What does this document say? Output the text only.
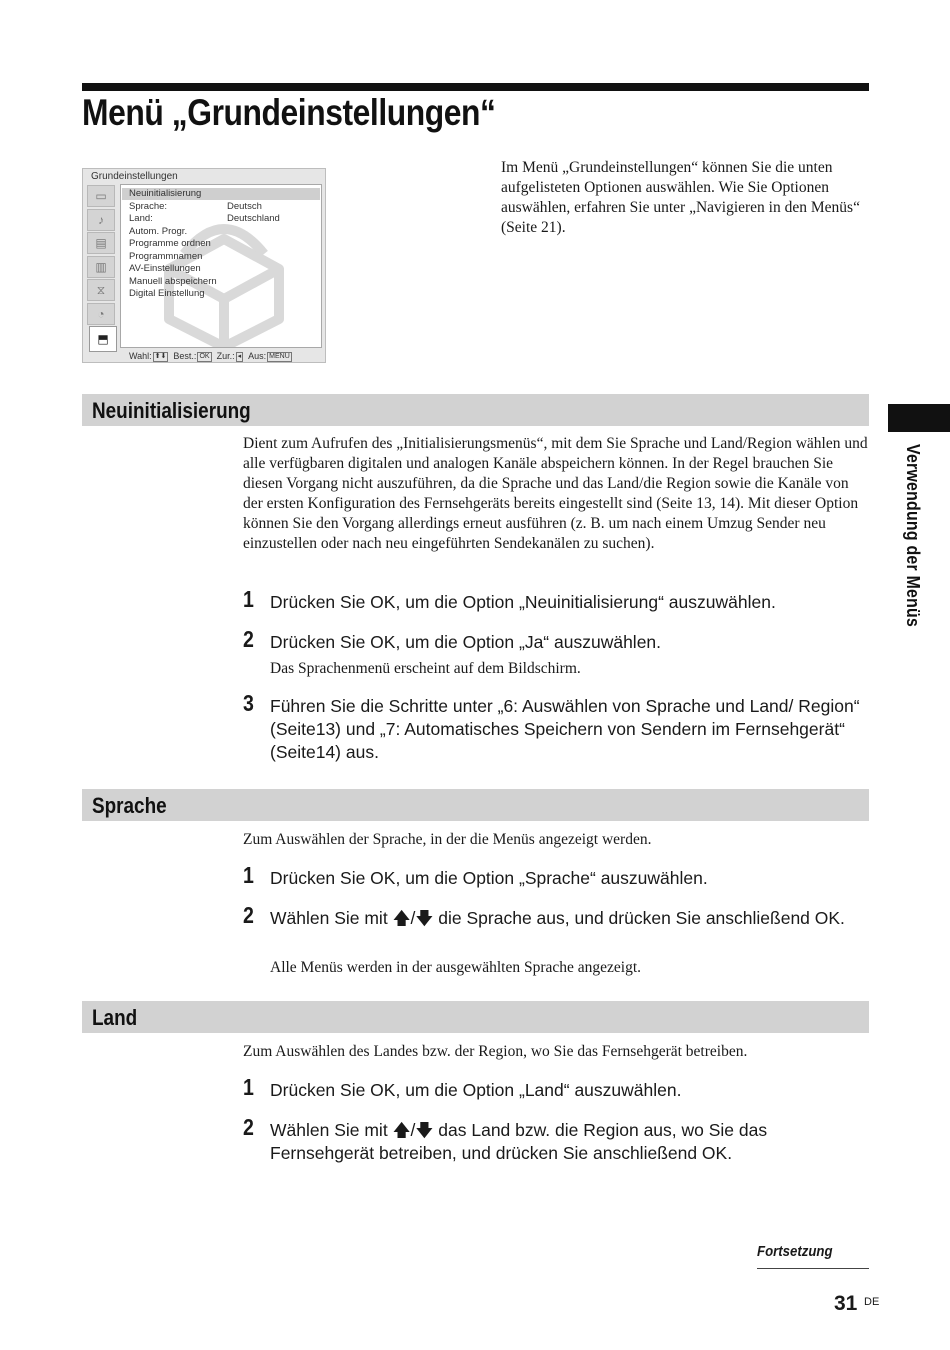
Menü „Grundeinstellungen“
Grundeinstellungen
▭
♪
▤
▥
⧖
◔
⬒
Neuinitialisierung
Sprache:	Deutsch
Land:	Deutschland
Autom. Progr.
Programme ordnen
Programmnamen
AV-Einstellungen
Manuell abspeichern
Digital Einstellung
Wahl: ⬆⬇ Best.: OK Zur.: ◂ Aus: MENU

Im Menü „Grundeinstellungen“ können Sie die unten aufgelisteten Optionen auswählen. Wie Sie Optionen auswählen, erfahren Sie unter „Navigieren in den Menüs“ (Seite 21).

Verwendung der Menüs
Neuinitialisierung

Dient zum Aufrufen des „Initialisierungsmenüs“, mit dem Sie Sprache und Land/Region wählen und alle verfügbaren digitalen und analogen Kanäle abspeichern können. In der Regel brauchen Sie diesen Vorgang nicht auszuführen, da die Sprache und das Land/die Region sowie die Kanäle von der ersten Konfiguration des Fernsehgeräts bereits eingestellt sind (Seite 13, 14). Mit dieser Option können Sie den Vorgang allerdings erneut ausführen (z. B. um nach einem Umzug Sender neu einzustellen oder nach neu eingeführten Sendekanälen zu suchen).

1 Drücken Sie OK, um die Option „Neuinitialisierung“ auszuwählen.
2 Drücken Sie OK, um die Option „Ja“ auszuwählen.

Das Sprachenmenü erscheint auf dem Bildschirm.

3 Führen Sie die Schritte unter „6: Auswählen von Sprache und Land/ Region“ (Seite13) und „7: Automatisches Speichern von Sendern im Fernsehgerät“ (Seite14) aus.
Sprache

Zum Auswählen der Sprache, in der die Menüs angezeigt werden.

1 Drücken Sie OK, um die Option „Sprache“ auszuwählen.
2 Wählen Sie mit 🡅/🡇 die Sprache aus, und drücken Sie anschließend OK.

Alle Menüs werden in der ausgewählten Sprache angezeigt.

Land

Zum Auswählen des Landes bzw. der Region, wo Sie das Fernsehgerät betreiben.

1 Drücken Sie OK, um die Option „Land“ auszuwählen.
2 Wählen Sie mit 🡅/🡇 das Land bzw. die Region aus, wo Sie das Fernsehgerät betreiben, und drücken Sie anschließend OK.
Fortsetzung
31 DE
